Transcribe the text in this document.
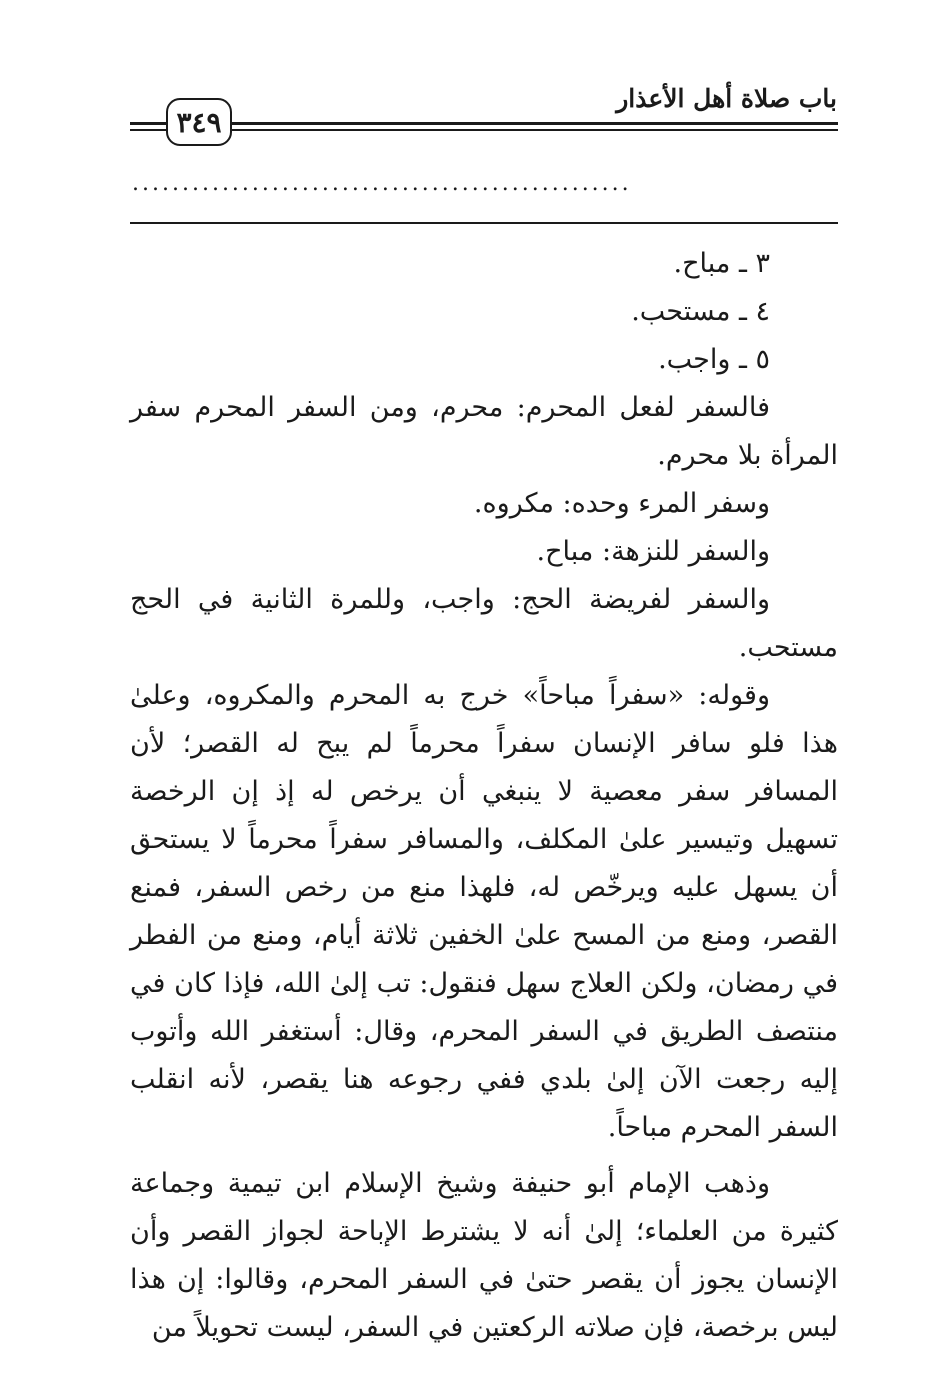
باب صلاة أهل الأعذار
٣٤٩
..................................................

٣ ـ مباح.

٤ ـ مستحب.

٥ ـ واجب.

فالسفر لفعل المحرم: محرم، ومن السفر المحرم سفر المرأة بلا محرم.

وسفر المرء وحده: مكروه.

والسفر للنزهة: مباح.

والسفر لفريضة الحج: واجب، وللمرة الثانية في الحج مستحب.

وقوله: «سفراً مباحاً» خرج به المحرم والمكروه، وعلىٰ هذا فلو سافر الإنسان سفراً محرماً لم يبح له القصر؛ لأن المسافر سفر معصية لا ينبغي أن يرخص له إذ إن الرخصة تسهيل وتيسير علىٰ المكلف، والمسافر سفراً محرماً لا يستحق أن يسهل عليه ويرخّص له، فلهذا منع من رخص السفر، فمنع القصر، ومنع من المسح علىٰ الخفين ثلاثة أيام، ومنع من الفطر في رمضان، ولكن العلاج سهل فنقول: تب إلىٰ الله، فإذا كان في منتصف الطريق في السفر المحرم، وقال: أستغفر الله وأتوب إليه رجعت الآن إلىٰ بلدي ففي رجوعه هنا يقصر، لأنه انقلب السفر المحرم مباحاً.

وذهب الإمام أبو حنيفة وشيخ الإسلام ابن تيمية وجماعة كثيرة من العلماء؛ إلىٰ أنه لا يشترط الإباحة لجواز القصر وأن الإنسان يجوز أن يقصر حتىٰ في السفر المحرم، وقالوا: إن هذا ليس برخصة، فإن صلاته الركعتين في السفر، ليست تحويلاً من
